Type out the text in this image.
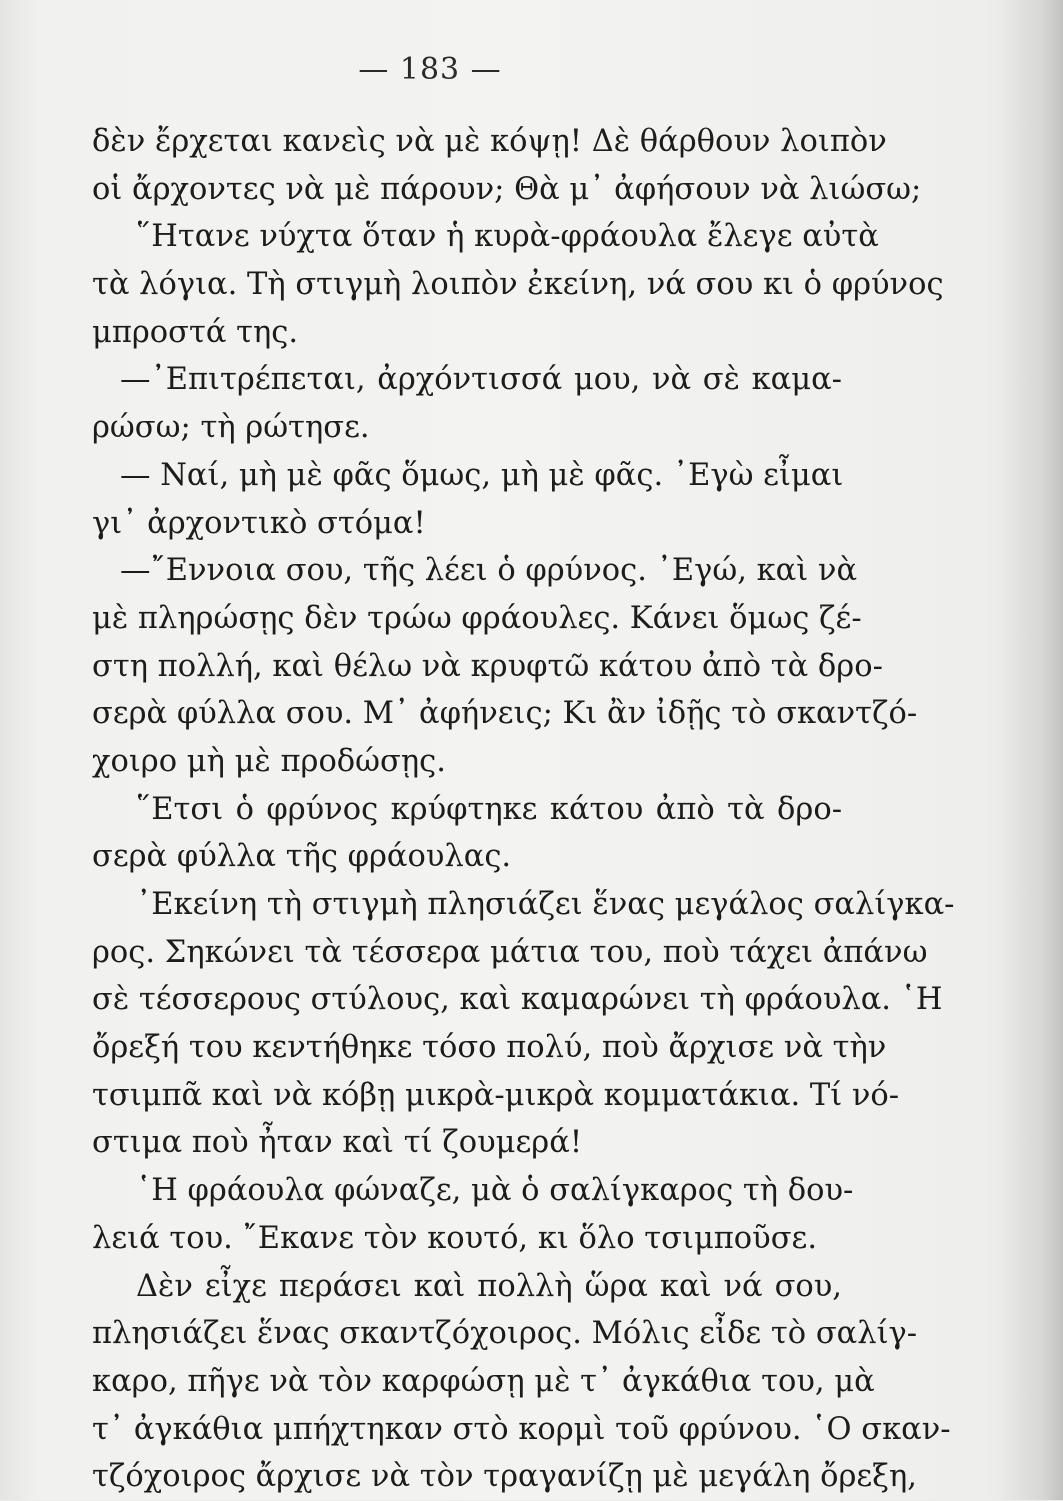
— 183 —
δὲν ἔρχεται κανεὶς νὰ μὲ κόψῃ! Δὲ θάρθουν λοιπὸν
οἱ ἄρχοντες νὰ μὲ πάρουν; Θὰ μ᾿ ἀφήσουν νὰ λιώσω;
῞Ητανε νύχτα ὅταν ἡ κυρὰ-φράουλα ἔλεγε αὐτὰ
τὰ λόγια. Τὴ στιγμὴ λοιπὸν ἐκείνη, νά σου κι ὁ φρύνος
μπροστά της.
—᾿Επιτρέπεται, ἀρχόντισσά μου, νὰ σὲ καμα-
ρώσω; τὴ ρώτησε.
— Ναί, μὴ μὲ φᾶς ὅμως, μὴ μὲ φᾶς. ᾿Εγὼ εἶμαι
γι᾿ ἀρχοντικὸ στόμα!
—῎Εννοια σου, τῆς λέει ὁ φρύνος. ᾿Εγώ, καὶ νὰ
μὲ πληρώσῃς δὲν τρώω φράουλες. Κάνει ὅμως ζέ-
στη πολλή, καὶ θέλω νὰ κρυφτῶ κάτου ἀπὸ τὰ δρο-
σερὰ φύλλα σου. Μ᾿ ἀφήνεις; Κι ἂν ἰδῇς τὸ σκαντζό-
χοιρο μὴ μὲ προδώσῃς.
῞Ετσι ὁ φρύνος κρύφτηκε κάτου ἀπὸ τὰ δρο-
σερὰ φύλλα τῆς φράουλας.
᾿Εκείνη τὴ στιγμὴ πλησιάζει ἕνας μεγάλος σαλίγκα-
ρος. Σηκώνει τὰ τέσσερα μάτια του, ποὺ τάχει ἀπάνω
σὲ τέσσερους στύλους, καὶ καμαρώνει τὴ φράουλα. ῾Η
ὄρεξή του κεντήθηκε τόσο πολύ, ποὺ ἄρχισε νὰ τὴν
τσιμπᾶ καὶ νὰ κόβῃ μικρὰ-μικρὰ κομματάκια. Τί νό-
στιμα ποὺ ἦταν καὶ τί ζουμερά!
῾Η φράουλα φώναζε, μὰ ὁ σαλίγκαρος τὴ δου-
λειά του. ῎Εκανε τὸν κουτό, κι ὅλο τσιμποῦσε.
Δὲν εἶχε περάσει καὶ πολλὴ ὥρα καὶ νά σου,
πλησιάζει ἕνας σκαντζόχοιρος. Μόλις εἶδε τὸ σαλίγ-
καρο, πῆγε νὰ τὸν καρφώσῃ μὲ τ᾿ ἀγκάθια του, μὰ
τ᾿ ἀγκάθια μπήχτηκαν στὸ κορμὶ τοῦ φρύνου. ῾Ο σκαν-
τζόχοιρος ἄρχισε νὰ τὸν τραγανίζῃ μὲ μεγάλη ὄρεξη,
